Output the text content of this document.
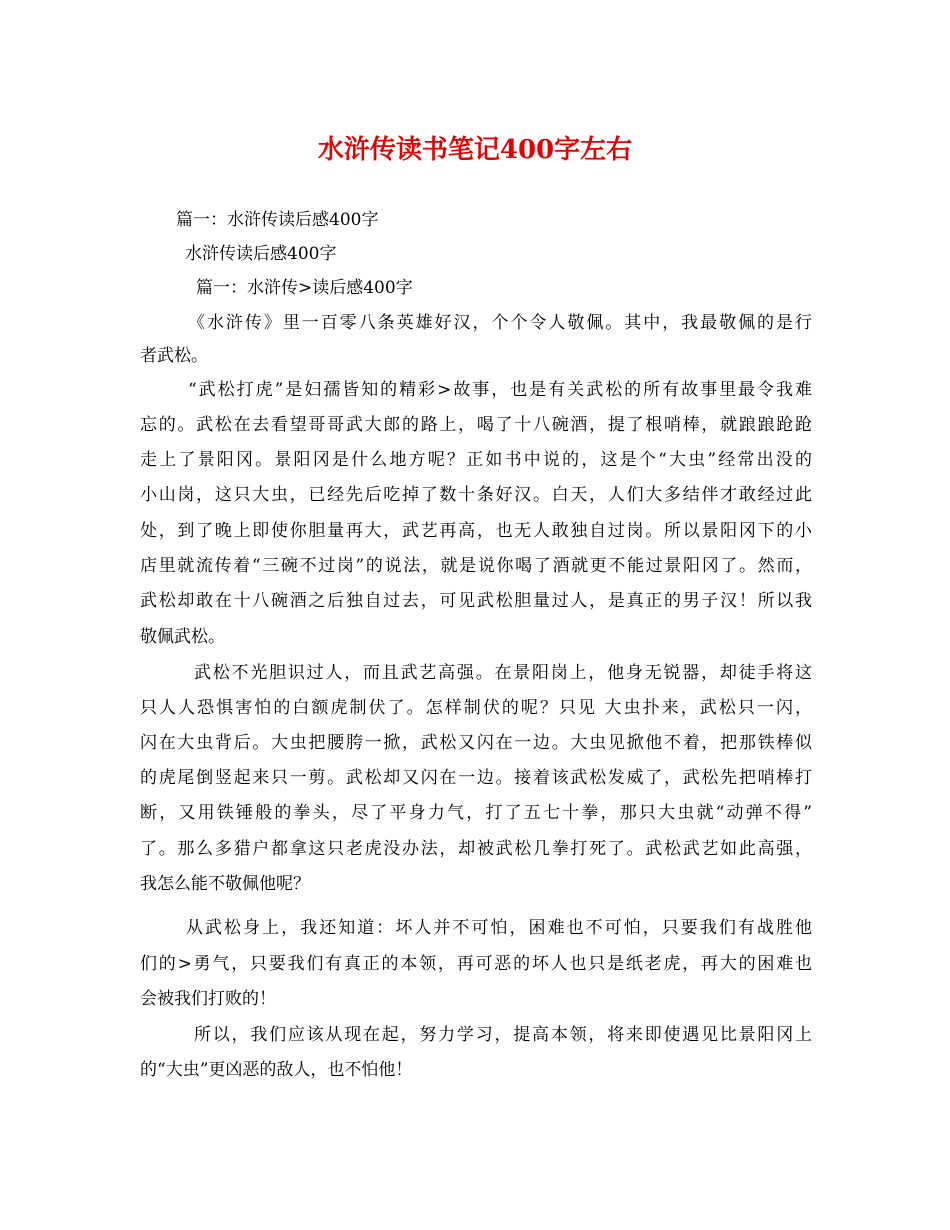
水浒传读书笔记400字左右
篇一：水浒传读后感400字
水浒传读后感400字
篇一：水浒传>读后感400字
《水浒传》里一百零八条英雄好汉，个个令人敬佩。其中，我最敬佩的是行
者武松。
“武松打虎”是妇孺皆知的精彩>故事，也是有关武松的所有故事里最令我难
忘的。武松在去看望哥哥武大郎的路上，喝了十八碗酒，提了根哨棒，就踉踉跄跄
走上了景阳冈。景阳冈是什么地方呢？正如书中说的，这是个“大虫”经常出没的
小山岗，这只大虫，已经先后吃掉了数十条好汉。白天，人们大多结伴才敢经过此
处，到了晚上即使你胆量再大，武艺再高，也无人敢独自过岗。所以景阳冈下的小
店里就流传着“三碗不过岗”的说法，就是说你喝了酒就更不能过景阳冈了。然而，
武松却敢在十八碗酒之后独自过去，可见武松胆量过人，是真正的男子汉！所以我
敬佩武松。
武松不光胆识过人，而且武艺高强。在景阳岗上，他身无锐器，却徒手将这
只人人恐惧害怕的白额虎制伏了。怎样制伏的呢？只见 大虫扑来，武松只一闪，
闪在大虫背后。大虫把腰胯一掀，武松又闪在一边。大虫见掀他不着，把那铁棒似
的虎尾倒竖起来只一剪。武松却又闪在一边。接着该武松发威了，武松先把哨棒打
断，又用铁锤般的拳头，尽了平身力气，打了五七十拳，那只大虫就“动弹不得”
了。那么多猎户都拿这只老虎没办法，却被武松几拳打死了。武松武艺如此高强，
我怎么能不敬佩他呢？
从武松身上，我还知道：坏人并不可怕，困难也不可怕，只要我们有战胜他
们的>勇气，只要我们有真正的本领，再可恶的坏人也只是纸老虎，再大的困难也
会被我们打败的！
所以，我们应该从现在起，努力学习，提高本领，将来即使遇见比景阳冈上
的“大虫”更凶恶的敌人，也不怕他！
